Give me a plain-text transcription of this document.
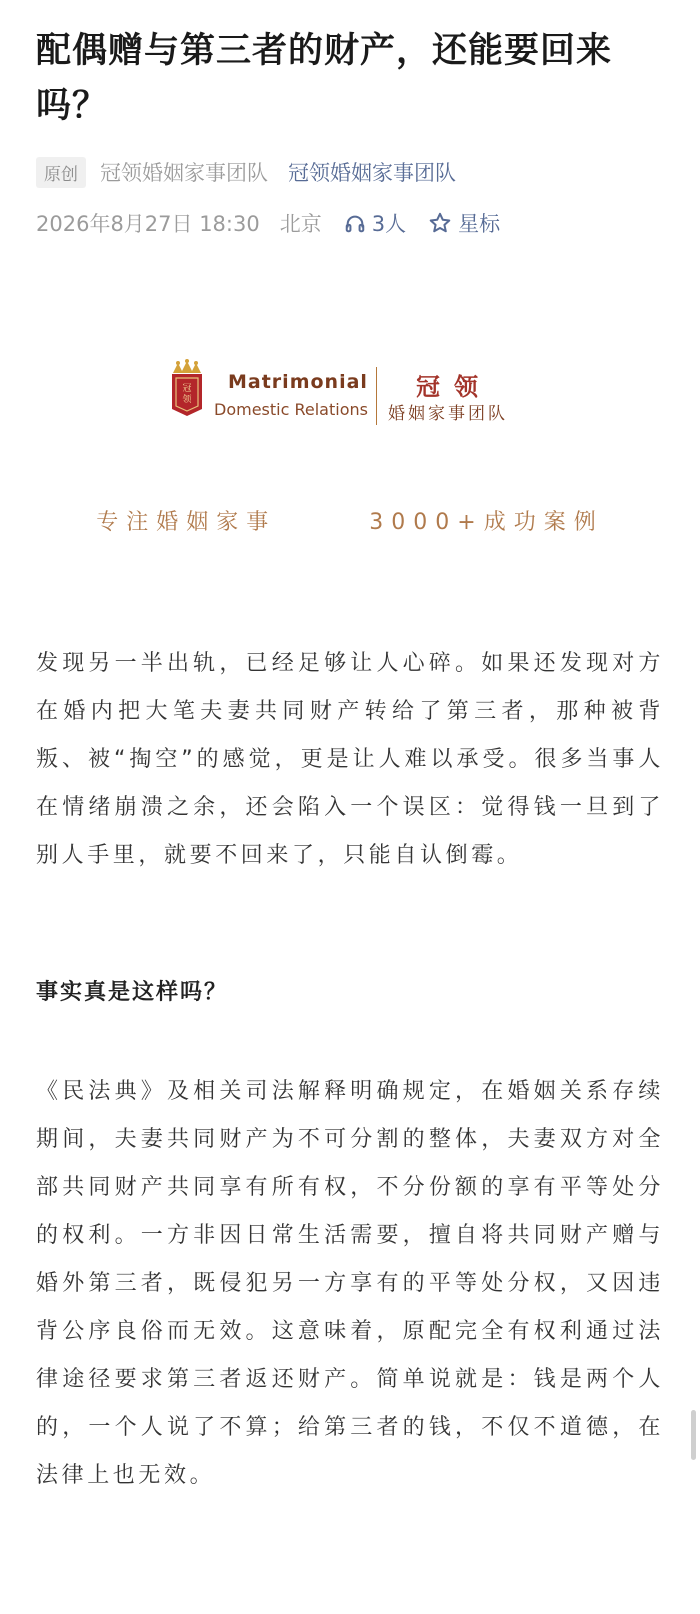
配偶赠与第三者的财产，还能要回来吗？
原创	冠领婚姻家事团队 冠领婚姻家事团队
2026年8月27日 18:30 北京 3人 星标
冠
领
Matrimonial
Domestic Relations
冠领
婚姻家事团队
专注婚姻家事	3000+成功案例

发现另一半出轨，已经足够让人心碎。如果还发现对方在婚内把大笔夫妻共同财产转给了第三者，那种被背叛、被“掏空”的感觉，更是让人难以承受。很多当事人在情绪崩溃之余，还会陷入一个误区：觉得钱一旦到了别人手里，就要不回来了，只能自认倒霉。

事实真是这样吗？

《民法典》及相关司法解释明确规定，在婚姻关系存续期间，夫妻共同财产为不可分割的整体，夫妻双方对全部共同财产共同享有所有权，不分份额的享有平等处分的权利。一方非因日常生活需要，擅自将共同财产赠与婚外第三者，既侵犯另一方享有的平等处分权，又因违背公序良俗而无效。这意味着，原配完全有权利通过法律途径要求第三者返还财产。简单说就是：钱是两个人的，一个人说了不算；给第三者的钱，不仅不道德，在法律上也无效。
